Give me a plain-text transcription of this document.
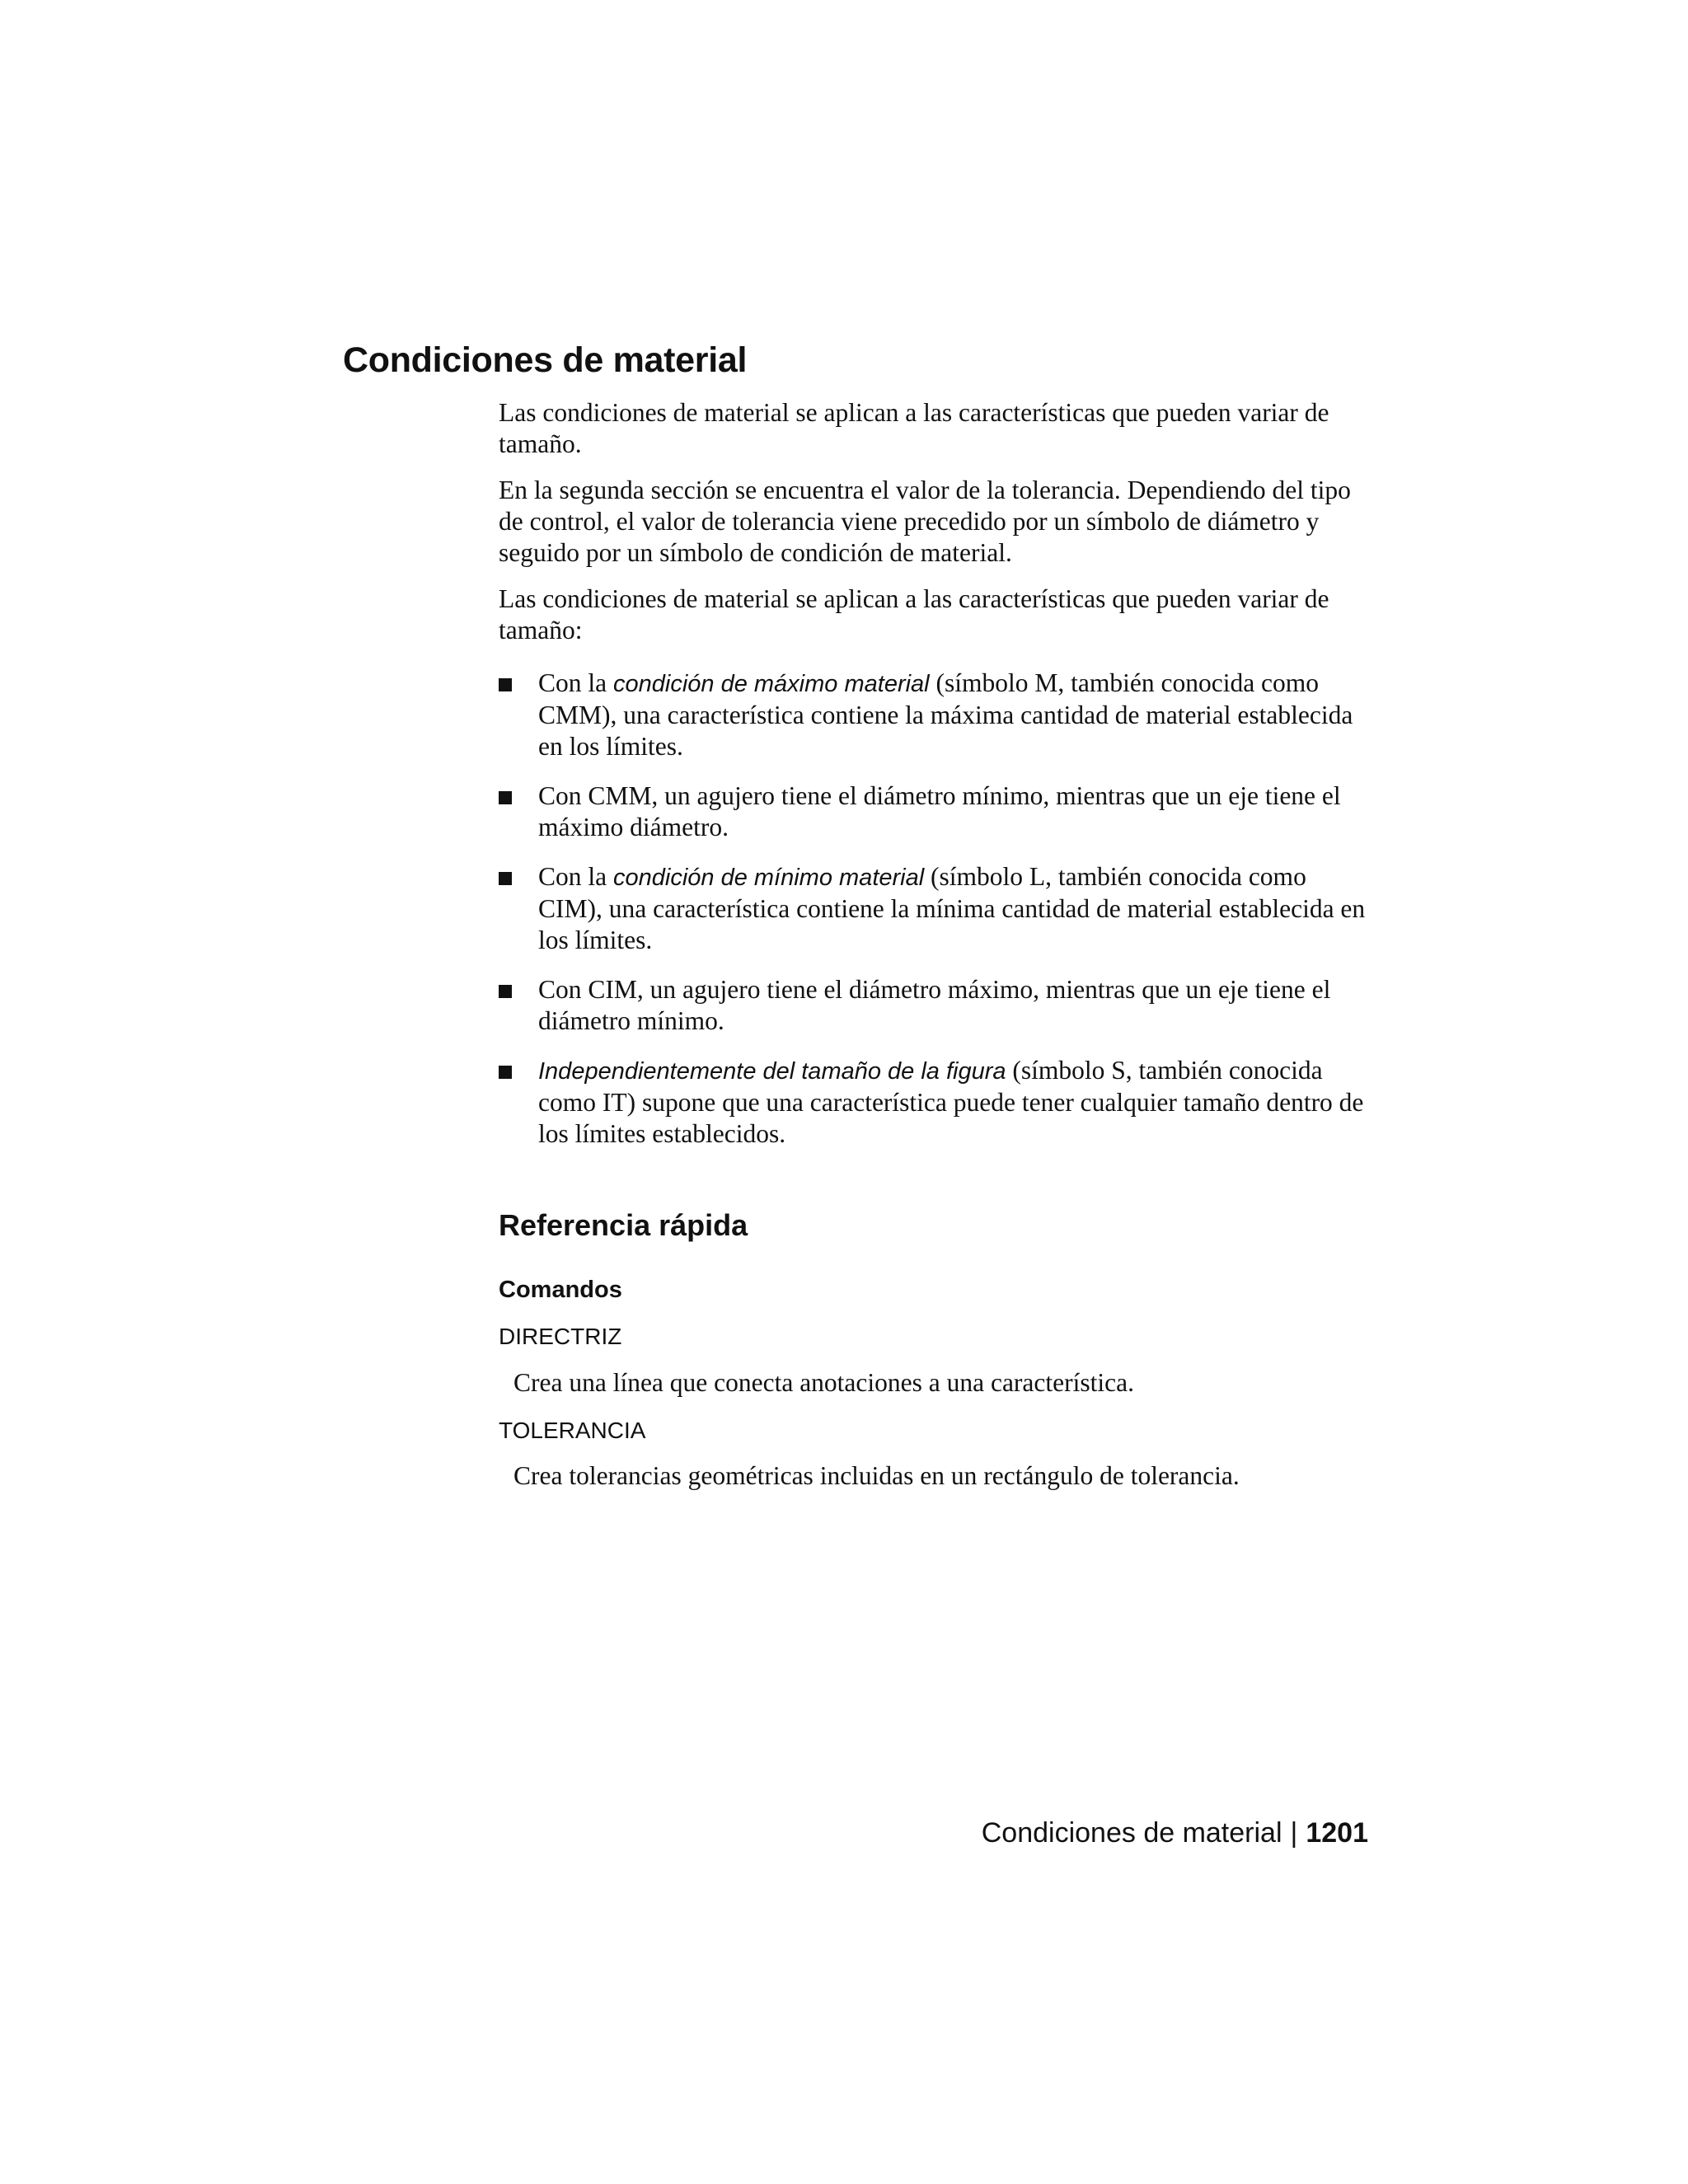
Condiciones de material

Las condiciones de material se aplican a las características que pueden variar de tamaño.

En la segunda sección se encuentra el valor de la tolerancia. Dependiendo del tipo de control, el valor de tolerancia viene precedido por un símbolo de diámetro y seguido por un símbolo de condición de material.

Las condiciones de material se aplican a las características que pueden variar de tamaño:

Con la condición de máximo material (símbolo M, también conocida como CMM), una característica contiene la máxima cantidad de material establecida en los límites.
Con CMM, un agujero tiene el diámetro mínimo, mientras que un eje tiene el máximo diámetro.
Con la condición de mínimo material (símbolo L, también conocida como CIM), una característica contiene la mínima cantidad de material establecida en los límites.
Con CIM, un agujero tiene el diámetro máximo, mientras que un eje tiene el diámetro mínimo.
Independientemente del tamaño de la figura (símbolo S, también conocida como IT) supone que una característica puede tener cualquier tamaño dentro de los límites establecidos.
Referencia rápida
Comandos
DIRECTRIZ
Crea una línea que conecta anotaciones a una característica.
TOLERANCIA
Crea tolerancias geométricas incluidas en un rectángulo de tolerancia.
Condiciones de material | 1201
